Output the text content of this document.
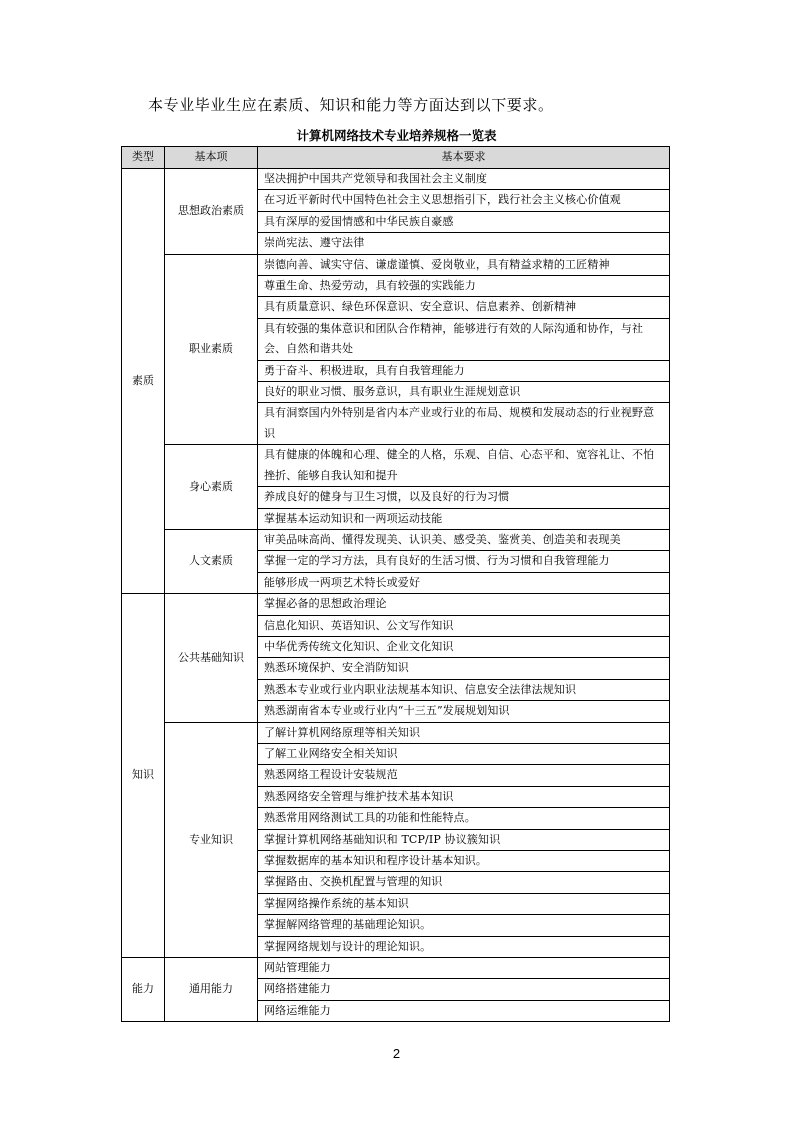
本专业毕业生应在素质、知识和能力等方面达到以下要求。
计算机网络技术专业培养规格一览表
类型	基本项	基本要求
素质	思想政治素质	坚决拥护中国共产党领导和我国社会主义制度
		在习近平新时代中国特色社会主义思想指引下，践行社会主义核心价值观
		具有深厚的爱国情感和中华民族自豪感
		崇尚宪法、遵守法律
	职业素质	崇德向善、诚实守信、谦虚谨慎、爱岗敬业，具有精益求精的工匠精神
		尊重生命、热爱劳动，具有较强的实践能力
		具有质量意识、绿色环保意识、安全意识、信息素养、创新精神
		具有较强的集体意识和团队合作精神，能够进行有效的人际沟通和协作，与社会、自然和谐共处
		勇于奋斗、积极进取，具有自我管理能力
		良好的职业习惯、服务意识，具有职业生涯规划意识
		具有洞察国内外特别是省内本产业或行业的布局、规模和发展动态的行业视野意识
	身心素质	具有健康的体魄和心理、健全的人格，乐观、自信、心态平和、宽容礼让、不怕挫折、能够自我认知和提升
		养成良好的健身与卫生习惯，以及良好的行为习惯
		掌握基本运动知识和一两项运动技能
	人文素质	审美品味高尚、懂得发现美、认识美、感受美、鉴赏美、创造美和表现美
		掌握一定的学习方法，具有良好的生活习惯、行为习惯和自我管理能力
		能够形成一两项艺术特长或爱好
知识	公共基础知识	掌握必备的思想政治理论
		信息化知识、英语知识、公文写作知识
		中华优秀传统文化知识、企业文化知识
		熟悉环境保护、安全消防知识
		熟悉本专业或行业内职业法规基本知识、信息安全法律法规知识
		熟悉湖南省本专业或行业内“十三五”发展规划知识
	专业知识	了解计算机网络原理等相关知识
		了解工业网络安全相关知识
		熟悉网络工程设计安装规范
		熟悉网络安全管理与维护技术基本知识
		熟悉常用网络测试工具的功能和性能特点。
		掌握计算机网络基础知识和 TCP/IP 协议簇知识
		掌握数据库的基本知识和程序设计基本知识。
		掌握路由、交换机配置与管理的知识
		掌握网络操作系统的基本知识
		掌握解网络管理的基础理论知识。
		掌握网络规划与设计的理论知识。
能力	通用能力	网站管理能力
		网络搭建能力
		网络运维能力
2
